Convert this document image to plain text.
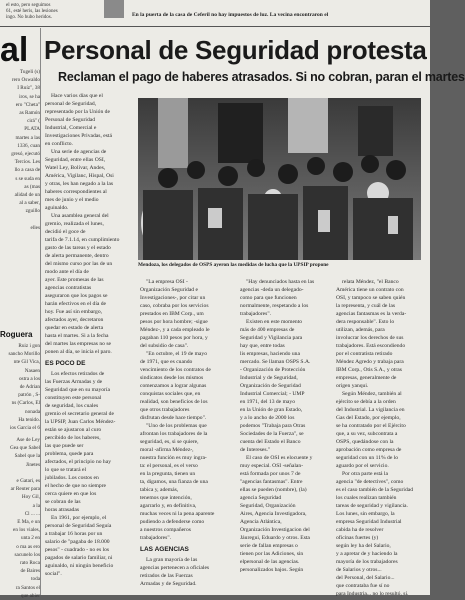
el esto, pero seguimos
61, esté heris, las lesiones
ingo. No hubo heridos.	En la puerta de la casa de Ceferil no hay impuestos de luz. La vecina encontraron el
al
Tugeli (s)
rero Oswaldo
I Ruíz", 38
iros, se ha
ero "Cheta"
as Ramón
cirá" (
PLATA
martes a las
1336, cuan
gresó, ejecutó
Tercios. Les
llo a casa de
s se suda en
as (mas
alidad de un
al a saber,
zguillo
elles
Roguera
Ruiz i gon
sancho Morillo
nte Gil Vica,
Nasaen
ostra a los
de Adrian
patrón , S-
ns (Carlos, El
nonada
Ha tenido.
ios Garcia el 6
Ase de Ley
Gea que Sabel
Sabel que la
Jinetes
e Gatari, es
ar Reuter para
Hoy Gil,
a la
Cl ... ...
E Ma, e un
en los viales,
unta 2 en
o ma as ero
sacunelo los
rato Roca
de Baires
toda
ra Santos el
que abier
Personal de Seguridad protesta
Reclaman el pago de haberes atrasados. Si no cobran, paran el martes

Hace varios días que el
personal de Seguridad,
representado por la Unión de
Personal de Seguridad
Industrial, Comercial e
Investigaciones Privadas, está
en conflicto.

Una serie de agencias de
Seguridad, entre ellas OSI,
Watel Ley, Bolívar, Andes,
América, Vigilanc, Hispal, Osi
y otras, les han negado a la las
haberes correspondientes al
mes de junio y el medio
aguinaldo.

Una asamblea general del
gremio, realizada el lunes,
decidió el goce de
tarifa de 7.1.14, en cumplimiento
gasto de las tareas y el estado
de alerta permanente, dentro
del mismo curso por las de un
modo ante el día de
ayer. Este promesas de las
agencias contratistas
aseguraron que los pagos se
harán efectivos en el día de
hoy. Fue así sin embargo,
afectados ayer, decretaron
quedar en estado de alerta
hasta el martes. Si a la fecha
del martes las empresas no se
ponen al día, se inicia el paro.

ES POCO DE

Los efectos retirados de
las Fuerzas Armadas y de
Seguridad que en su mayoría
constituyen este personal
de seguridad, los cuales
gremio el secretario general de
la UPSIP, Juan Carlos Méndez-
están se ajustaron al curo
percibido de los haberes,
las que puede ser
problema, quede para
afectados, el principio no hay
lo que se tratará el
jubilados. Los costos en
el hecho de que no siempre
cerca quiere en que los
se cobran de las
horas atrasadas

En 1961, por ejemplo, el
personal de Seguridad Seguía
a trabajar 16 horas por un
salario de "pagaba de 18.000
pesos" - cuadrado - no es los
pagados de salario familiar, ni
aguinaldo, ni ningún beneficio
social".

Mendoza, los delegados de OSPS ayeron las medidas de lucha que la UPSIP propone

"La empresa OSI -
Organización Seguridad e
Investigaciones-, por citar un
caso, cobraba por los servicios
prestados en IBM Corp., um
pesos por hora hombre; -sigue
Méndez-, y a cada empleado le
pagaban 110 pesos por hora, y
del subsidio de casa".

"En octubre, el 19 de mayo
de 1971, que es cuando
vencimiento de los contratos de
sindicatos desde los mismos
comenzamos a lograr algunas
conquistas sociales que, en
realidad, son beneficios de los
que otros trabajadores
disfrutan desde hace tiempo".

"Uno de los problemas que
afrontan los trabajadores de la
seguridad, es, si se quiere,
moral -afirma Méndez-,
nuestra función es muy ingra-
ta: el personal, es el verso
en la pregunta, tienen un
ta, digamos, una fianza de una
tabica y, además,
tenemos que intención,
agarrarlo y, en definitiva,
muchas veces ni la pena aparente
pudiendo a defenderse como
a nuestros compañeros
trabajadores".

LAS AGENCIAS

La gran mayoría de las
agencias pertenecen a oficiales
retirados de las Fuerzas
Armadas y de Seguridad.

"Hay denunciados hasta en las
agencias -deda un delegado-
como para que funcionen
normalmente, respetando a los
trabajadores".

Existen en este momento
más de 400 empresas de
Seguridad y Vigilancia para
hay que, entre todas
lis empresas, haciendo una
mercado. Se llaman OSPS S.A.
- Organización de Protección
Industrial y de Seguridad,
Organización de Seguridad
Industrial Comercial; - UMP
en 1971, del 13 de mayo
en la Unión de gran Estado,
y a lo ancho de 2000 los
podemos "Trabaja para Otras
Sociedades de la Fuerza", se
cuenta del Estado el Banco
de Intereses."

El caso de OSI es elocuente y
muy especial. OSI -señalan-
está formada por unos 7 de
"agencias fantasmas". Entre
ellas se pueden (nombre), (la)
agencia Seguridad
Seguridad, Organización
Aires, Agencia Investigadora,
Agencia Atlántica,
Organización Investigacion del
Jáuregui, Eduardo y otros. Esta
serie de fallan empresas o
tienen por las Adiciones, sin
elpersonal de las agencias.
personalizados bajos. Según

relata Méndez, "el Banco
América tiene un contrato con
OSI, y tampoco se saben quién
la representa, y cuál de las
agencias fantasmas es la verda-
dera responsable". Esto lo
utilizan, además, para
involucrar los derechos de sus
trabajadores. Está escondiendo
por el contratista retirado
Méndez Agredo y trabaja para
IBM Corp., Otis S.A., y otras
empresas, generalmente de
origen yanqui.

Según Méndez, también al
ejército se debía a la orden
del Industrial. La vigilancia en
Gas del Estado, por ejemplo,
se ha contratado por el Ejército
que, a su vez, subcontrata a
OSPS, quedándose con la
aprobación como empresa de
seguridad con un 11% de lo
aguardo por el servicio.

Por otra parte está la
agencia "de detectives", como
es el caso también de la Seguridad
los cuales realizan también
tareas de seguridad y vigilancia.
Los lunes, sin embargo, la
empresa Seguridad Industrial
cabida ha de resolver
oficinas fuertes (y)
según ley ha del Salario,
y a apretar de y haciendo la
mayoría de los trabajadores
de Salarios y otros...
del Personal, del Salario...
que contrataba fue sí no
para Industria... no lo resultó, sí.
